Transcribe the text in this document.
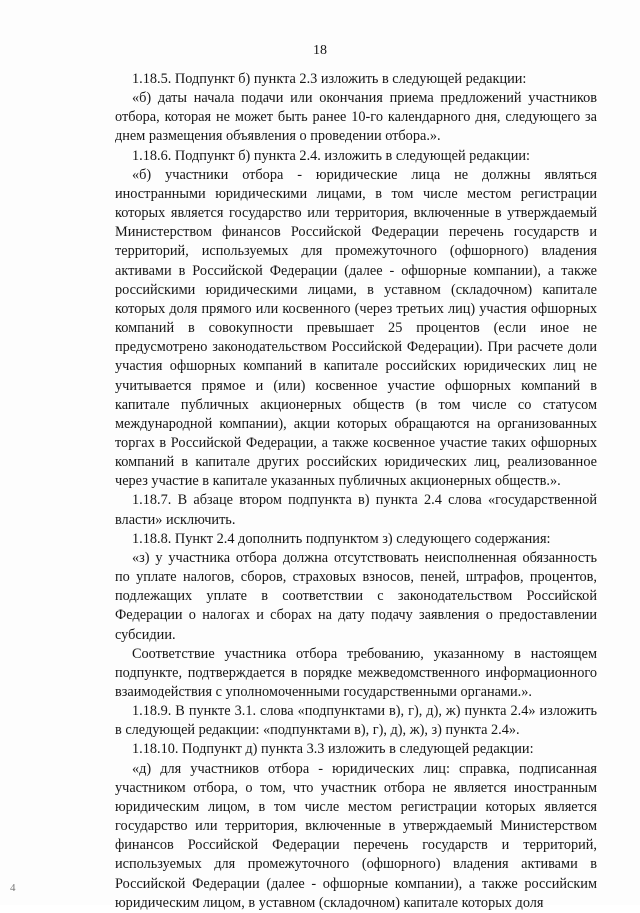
18

1.18.5. Подпункт б) пункта 2.3 изложить в следующей редакции:

«б) даты начала подачи или окончания приема предложений участников отбора, которая не может быть ранее 10-го календарного дня, следующего за днем размещения объявления о проведении отбора.».

1.18.6. Подпункт б) пункта 2.4. изложить в следующей редакции:

«б) участники отбора - юридические лица не должны являться иностранными юридическими лицами, в том числе местом регистрации которых является государство или территория, включенные в утверждаемый Министерством финансов Российской Федерации перечень государств и территорий, используемых для промежуточного (офшорного) владения активами в Российской Федерации (далее - офшорные компании), а также российскими юридическими лицами, в уставном (складочном) капитале которых доля прямого или косвенного (через третьих лиц) участия офшорных компаний в совокупности превышает 25 процентов (если иное не предусмотрено законодательством Российской Федерации). При расчете доли участия офшорных компаний в капитале российских юридических лиц не учитывается прямое и (или) косвенное участие офшорных компаний в капитале публичных акционерных обществ (в том числе со статусом международной компании), акции которых обращаются на организованных торгах в Российской Федерации, а также косвенное участие таких офшорных компаний в капитале других российских юридических лиц, реализованное через участие в капитале указанных публичных акционерных обществ.».

1.18.7. В абзаце втором подпункта в) пункта 2.4 слова «государственной власти» исключить.

1.18.8. Пункт 2.4 дополнить подпунктом з) следующего содержания:

«з) у участника отбора должна отсутствовать неисполненная обязанность по уплате налогов, сборов, страховых взносов, пеней, штрафов, процентов, подлежащих уплате в соответствии с законодательством Российской Федерации о налогах и сборах на дату подачу заявления о предоставлении субсидии.

Соответствие участника отбора требованию, указанному в настоящем подпункте, подтверждается в порядке межведомственного информационного взаимодействия с уполномоченными государственными органами.».

1.18.9. В пункте 3.1. слова «подпунктами в), г), д), ж) пункта 2.4» изложить в следующей редакции: «подпунктами в), г), д), ж), з) пункта 2.4».

1.18.10. Подпункт д) пункта 3.3 изложить в следующей редакции:

«д) для участников отбора - юридических лиц: справка, подписанная участником отбора, о том, что участник отбора не является иностранным юридическим лицом, в том числе местом регистрации которых является государство или территория, включенные в утверждаемый Министерством финансов Российской Федерации перечень государств и территорий, используемых для промежуточного (офшорного) владения активами в Российской Федерации (далее - офшорные компании), а также российским юридическим лицом, в уставном (складочном) капитале которых доля

4
